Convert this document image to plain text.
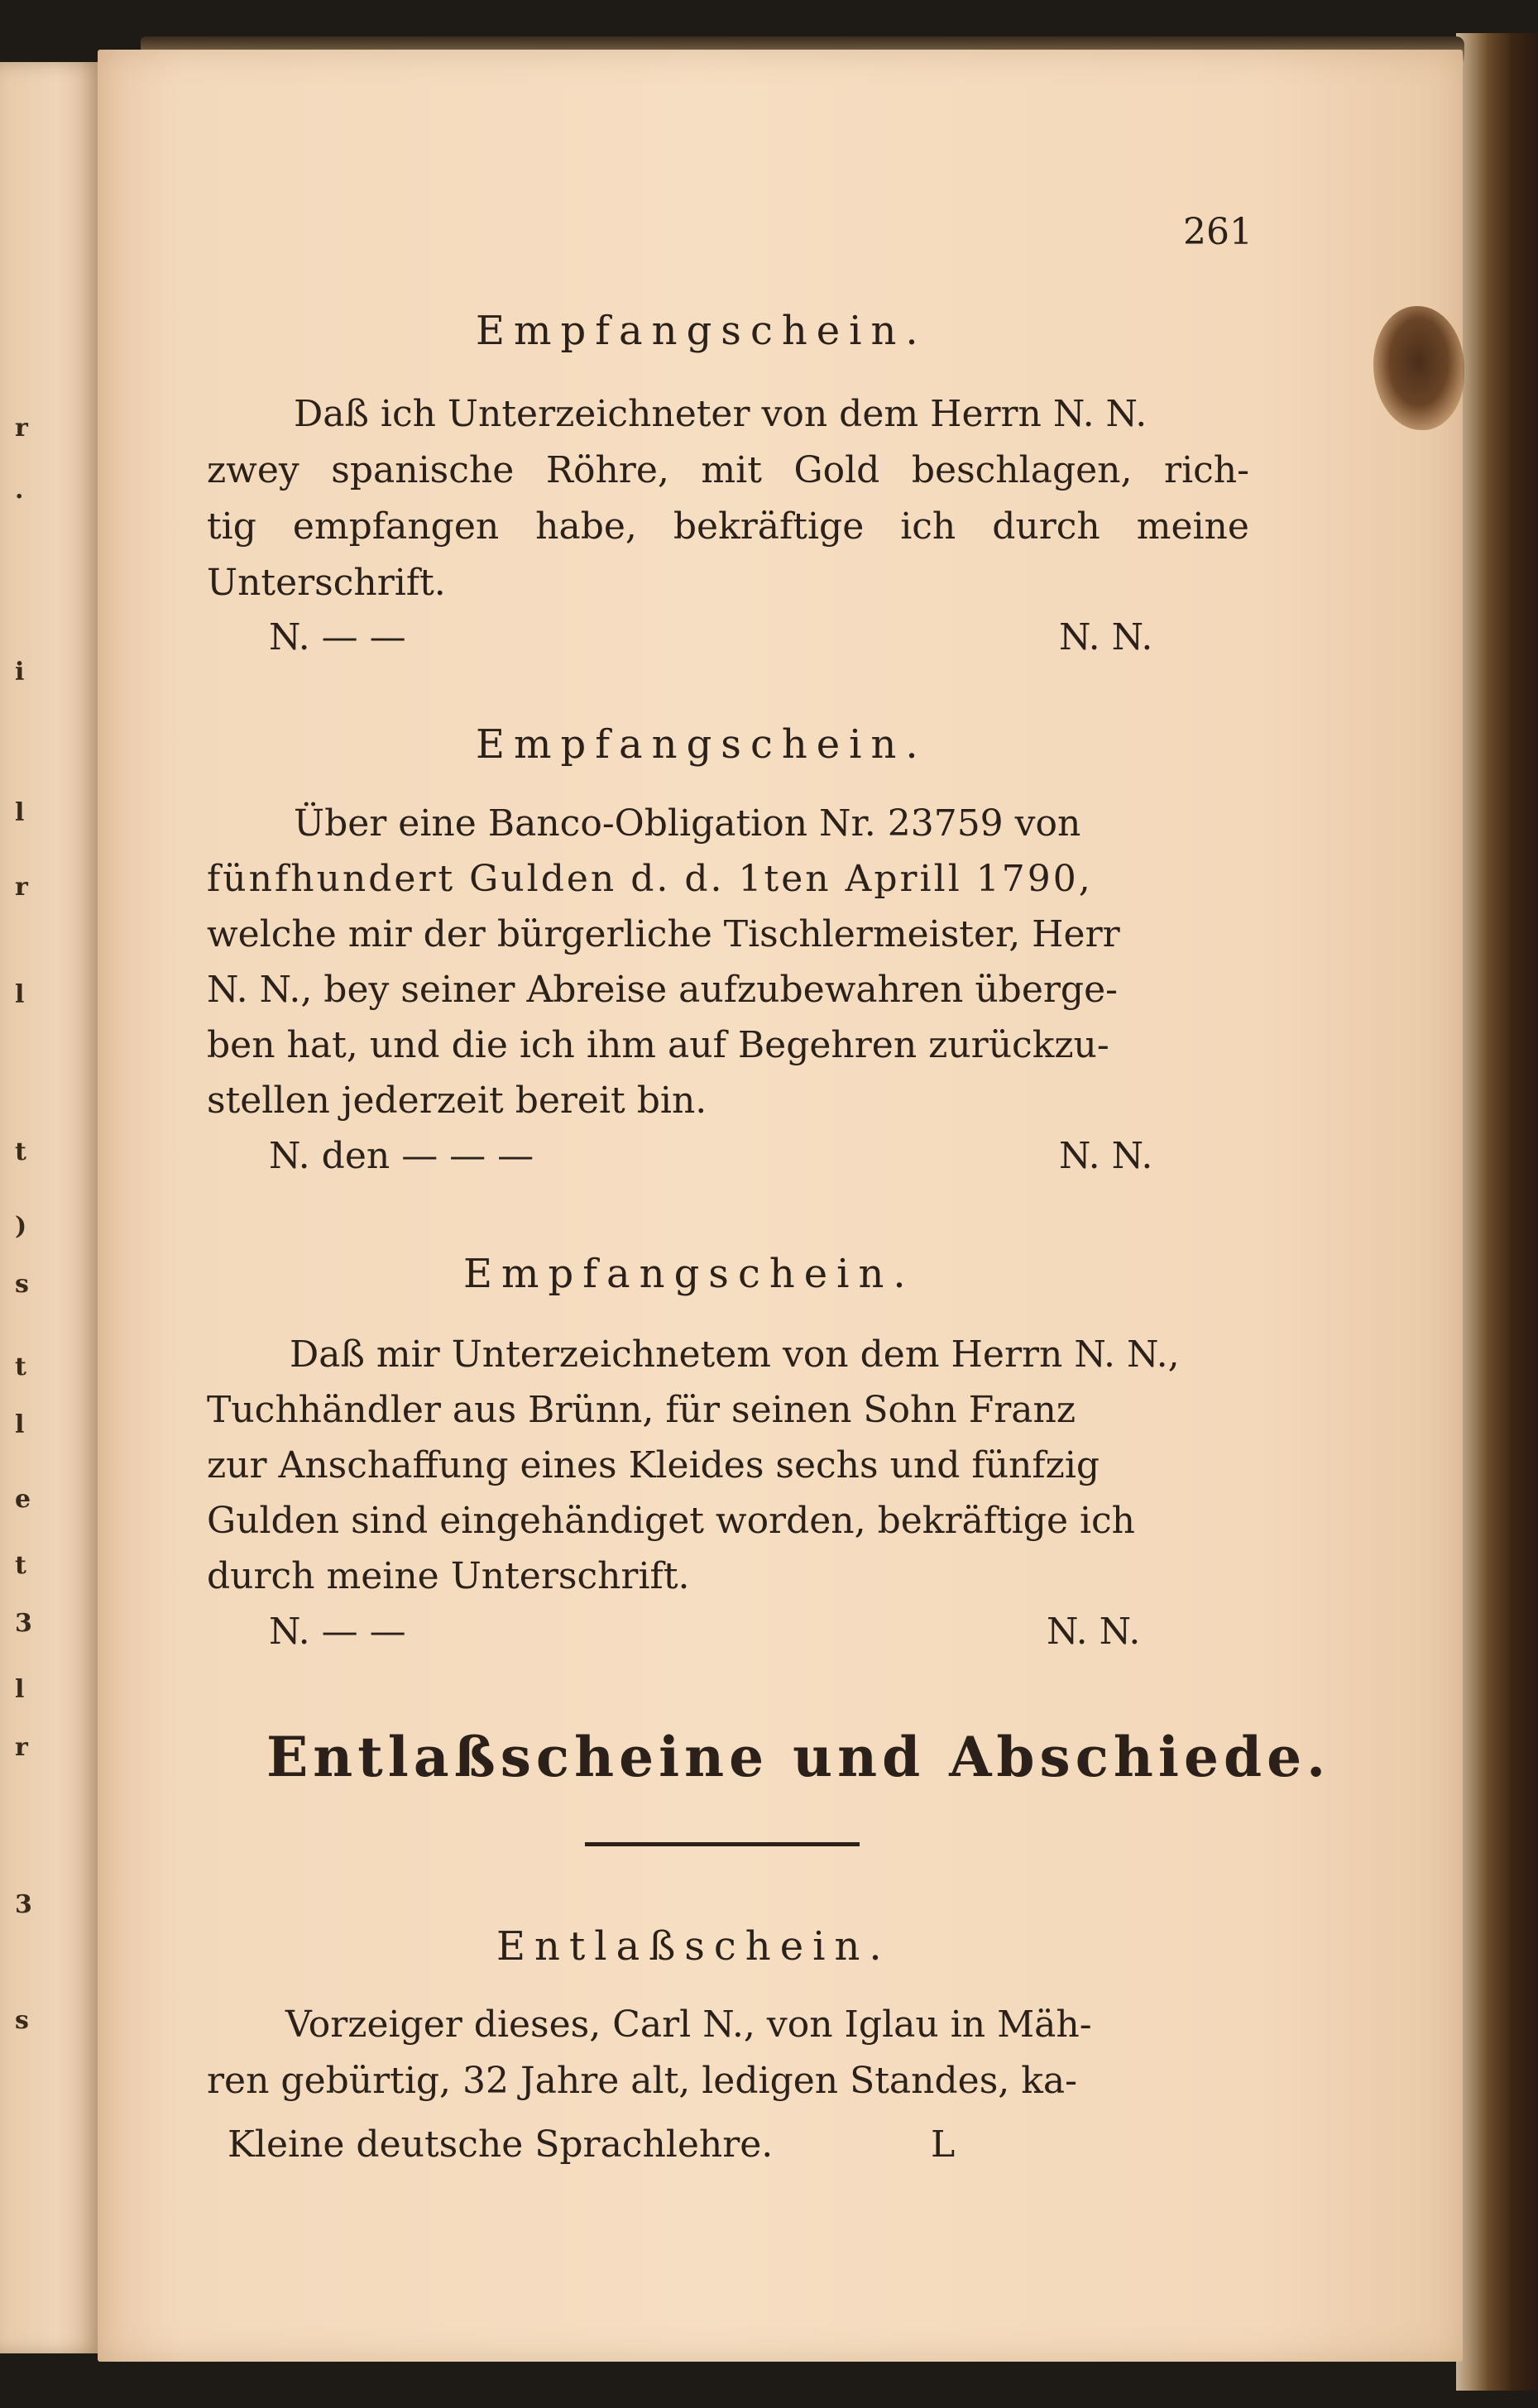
r
.
i
l
r
l
t
)
s
t
l
e
t
3
l
r
3
s
261
Empfangschein.
Daß ich Unterzeichneter von dem Herrn N. N.
zwey spanische Röhre, mit Gold beschlagen, rich-
tig empfangen habe, bekräftige ich durch meine
Unterschrift.
N. — —	N. N.
Empfangschein.
Über eine Banco-Obligation Nr. 23759 von
fünfhundert Gulden d. d. 1ten Aprill 1790,
welche mir der bürgerliche Tischlermeister, Herr
N. N., bey seiner Abreise aufzubewahren überge-
ben hat, und die ich ihm auf Begehren zurückzu-
stellen jederzeit bereit bin.
N. den — — —	N. N.
Empfangschein.
Daß mir Unterzeichnetem von dem Herrn N. N.,
Tuchhändler aus Brünn, für seinen Sohn Franz
zur Anschaffung eines Kleides sechs und fünfzig
Gulden sind eingehändiget worden, bekräftige ich
durch meine Unterschrift.
N. — —	N. N.
Entlaßscheine und Abschiede.
Entlaßschein.
Vorzeiger dieses, Carl N., von Iglau in Mäh-
ren gebürtig, 32 Jahre alt, ledigen Standes, ka-
Kleine deutsche Sprachlehre.	L
